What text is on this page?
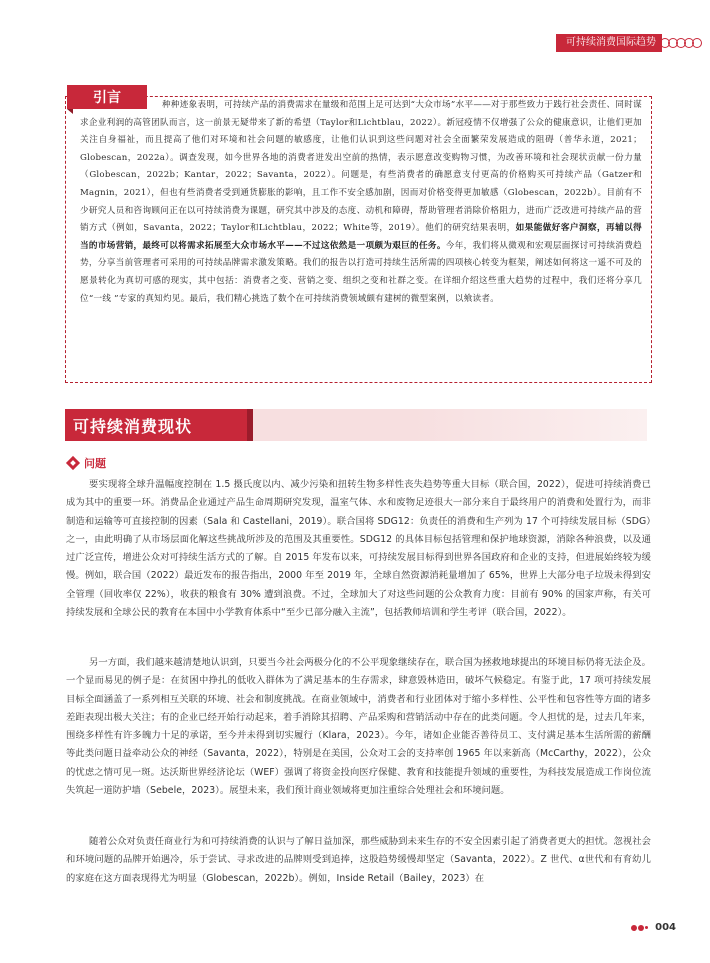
可持续消费国际趋势
引言	种种迹象表明，可持续产品的消费需求在量级和范围上足可达到“大众市场”水平——对于那些致力于践行社会责任、同时谋求企业利润的高管团队而言，这一前景无疑带来了新的希望（Taylor和Lichtblau，2022）。新冠疫情不仅增强了公众的健康意识，让他们更加关注自身福祉，而且提高了他们对环境和社会问题的敏感度，让他们认识到这些问题对社会全面繁荣发展造成的阻碍（普华永道，2021；Globescan，2022a）。调查发现，如今世界各地的消费者迸发出空前的热情，表示愿意改变购物习惯，为改善环境和社会现状贡献一份力量（Globescan，2022b；Kantar，2022；Savanta，2022）。问题是，有些消费者的确愿意支付更高的价格购买可持续产品（Gatzer和Magnin，2021），但也有些消费者受到通货膨胀的影响，且工作不安全感加剧，因而对价格变得更加敏感（Globescan，2022b）。目前有不少研究人员和咨询顾问正在以可持续消费为课题，研究其中涉及的态度、动机和障碍，帮助管理者消除价格阻力，进而广泛改进可持续产品的营销方式（例如，Savanta，2022；Taylor和Lichtblau，2022；White等，2019）。他们的研究结果表明，如果能做好客户洞察，再辅以得当的市场营销，最终可以将需求拓展至大众市场水平——不过这依然是一项颇为艰巨的任务。今年，我们将从微观和宏观层面探讨可持续消费趋势，分享当前管理者可采用的可持续品牌需求激发策略。我们的报告以打造可持续生活所需的四项核心转变为框架，阐述如何将这一遥不可及的愿景转化为真切可感的现实，其中包括：消费者之变、营销之变、组织之变和社群之变。在详细介绍这些重大趋势的过程中，我们还将分享几位“一线 ”专家的真知灼见。最后，我们精心挑选了数个在可持续消费领域颇有建树的微型案例，以飨读者。
可持续消费现状
问题

要实现将全球升温幅度控制在 1.5 摄氏度以内、减少污染和扭转生物多样性丧失趋势等重大目标（联合国，2022），促进可持续消费已成为其中的重要一环。消费品企业通过产品生命周期研究发现，温室气体、水和废物足迹很大一部分来自于最终用户的消费和处置行为，而非制造和运输等可直接控制的因素（Sala 和 Castellani，2019）。联合国将 SDG12：负责任的消费和生产列为 17 个可持续发展目标（SDG）之一，由此明确了从市场层面化解这些挑战所涉及的范围及其重要性。SDG12 的具体目标包括管理和保护地球资源，消除各种浪费，以及通过广泛宣传，增进公众对可持续生活方式的了解。自 2015 年发布以来，可持续发展目标得到世界各国政府和企业的支持，但进展始终较为缓慢。例如，联合国（2022）最近发布的报告指出，2000 年至 2019 年，全球自然资源消耗量增加了 65%，世界上大部分电子垃圾未得到安全管理（回收率仅 22%），收获的粮食有 30% 遭到浪费。不过，全球加大了对这些问题的公众教育力度：目前有 90% 的国家声称，有关可持续发展和全球公民的教育在本国中小学教育体系中“至少已部分融入主流”，包括教师培训和学生考评（联合国，2022）。

另一方面，我们越来越清楚地认识到，只要当今社会两极分化的不公平现象继续存在，联合国为拯救地球提出的环境目标仍将无法企及。一个显而易见的例子是：在贫困中挣扎的低收入群体为了满足基本的生存需求，肆意毁林造田，破坏气候稳定。有鉴于此，17 项可持续发展目标全面涵盖了一系列相互关联的环境、社会和制度挑战。在商业领域中，消费者和行业团体对于缩小多样性、公平性和包容性等方面的诸多差距表现出极大关注；有的企业已经开始行动起来，着手消除其招聘、产品采购和营销活动中存在的此类问题。令人担忧的是，过去几年来，围绕多样性有许多魄力十足的承诺，至今并未得到切实履行（Klara，2023）。今年，诸如企业能否善待员工、支付满足基本生活所需的薪酬等此类问题日益牵动公众的神经（Savanta，2022），特别是在美国，公众对工会的支持率创 1965 年以来新高（McCarthy，2022），公众的忧虑之情可见一斑。达沃斯世界经济论坛（WEF）强调了将资金投向医疗保健、教育和技能提升领域的重要性，为科技发展造成工作岗位流失筑起一道防护墙（Sebele，2023）。展望未来，我们预计商业领域将更加注重综合处理社会和环境问题。

随着公众对负责任商业行为和可持续消费的认识与了解日益加深，那些威胁到未来生存的不安全因素引起了消费者更大的担忧。忽视社会和环境问题的品牌开始遇冷，乐于尝试、寻求改进的品牌则受到追捧，这股趋势缓慢却坚定（Savanta，2022）。Z 世代、α世代和有育幼儿的家庭在这方面表现得尤为明显（Globescan，2022b）。例如，Inside Retail（Bailey，2023）在

004
